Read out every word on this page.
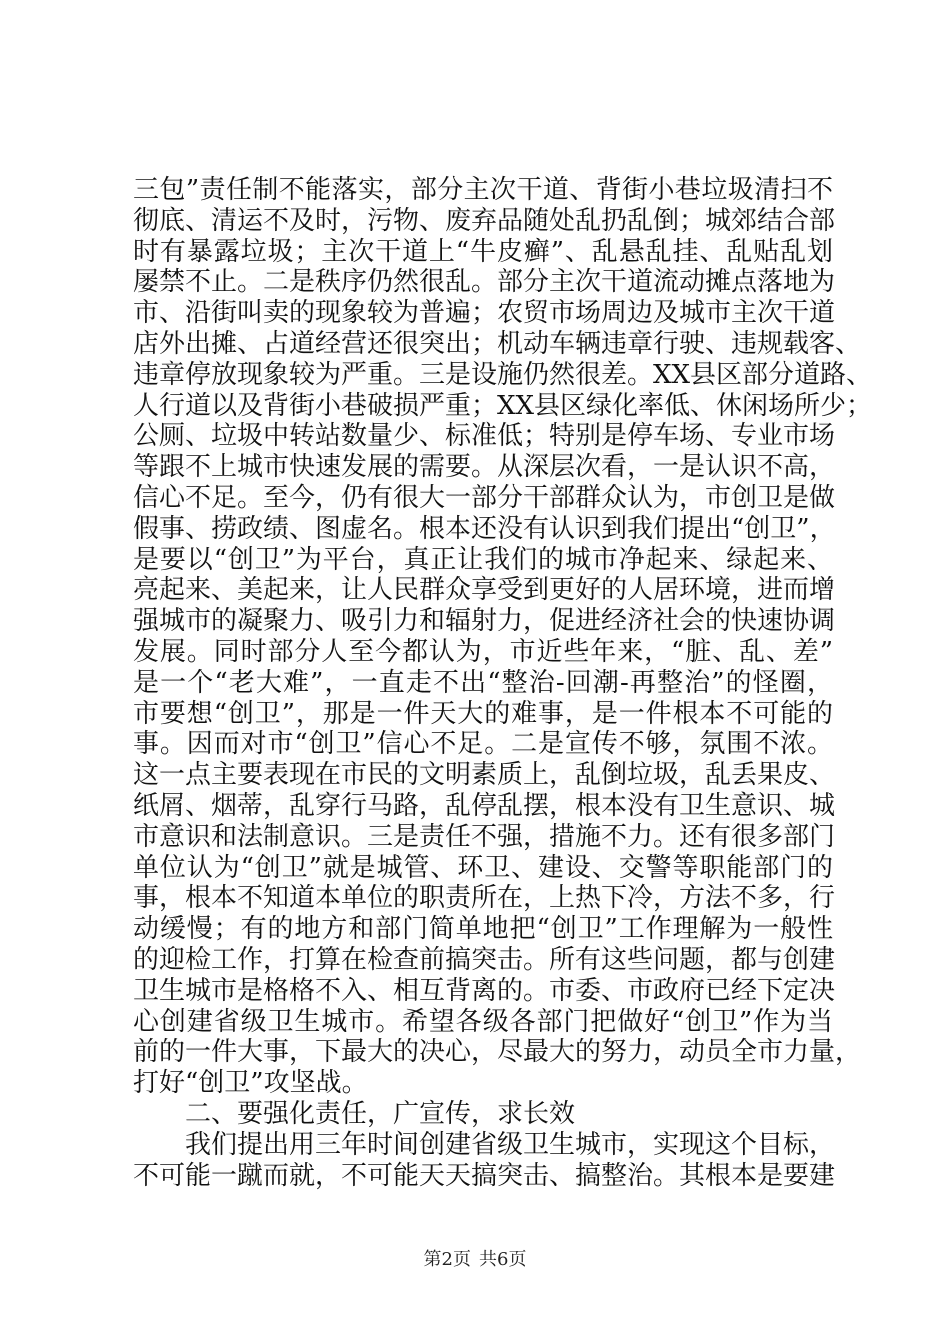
三包”责任制不能落实，部分主次干道、背街小巷垃圾清扫不
彻底、清运不及时，污物、废弃品随处乱扔乱倒；城郊结合部
时有暴露垃圾；主次干道上“牛皮癣”、乱悬乱挂、乱贴乱划
屡禁不止。二是秩序仍然很乱。部分主次干道流动摊点落地为
市、沿街叫卖的现象较为普遍；农贸市场周边及城市主次干道
店外出摊、占道经营还很突出；机动车辆违章行驶、违规载客、
违章停放现象较为严重。三是设施仍然很差。XX县区部分道路、
人行道以及背街小巷破损严重；XX县区绿化率低、休闲场所少；
公厕、垃圾中转站数量少、标准低；特别是停车场、专业市场
等跟不上城市快速发展的需要。从深层次看，一是认识不高，
信心不足。至今，仍有很大一部分干部群众认为，市创卫是做
假事、捞政绩、图虚名。根本还没有认识到我们提出“创卫”，
是要以“创卫”为平台，真正让我们的城市净起来、绿起来、
亮起来、美起来，让人民群众享受到更好的人居环境，进而增
强城市的凝聚力、吸引力和辐射力，促进经济社会的快速协调
发展。同时部分人至今都认为，市近些年来，“脏、乱、差”
是一个“老大难”，一直走不出“整治-回潮-再整治”的怪圈，
市要想“创卫”，那是一件天大的难事，是一件根本不可能的
事。因而对市“创卫”信心不足。二是宣传不够，氛围不浓。
这一点主要表现在市民的文明素质上，乱倒垃圾，乱丢果皮、
纸屑、烟蒂，乱穿行马路，乱停乱摆，根本没有卫生意识、城
市意识和法制意识。三是责任不强，措施不力。还有很多部门
单位认为“创卫”就是城管、环卫、建设、交警等职能部门的
事，根本不知道本单位的职责所在，上热下冷，方法不多，行
动缓慢；有的地方和部门简单地把“创卫”工作理解为一般性
的迎检工作，打算在检查前搞突击。所有这些问题，都与创建
卫生城市是格格不入、相互背离的。市委、市政府已经下定决
心创建省级卫生城市。希望各级各部门把做好“创卫”作为当
前的一件大事，下最大的决心，尽最大的努力，动员全市力量，
打好“创卫”攻坚战。
二、要强化责任，广宣传，求长效
我们提出用三年时间创建省级卫生城市，实现这个目标，
不可能一蹴而就，不可能天天搞突击、搞整治。其根本是要建
第2页 共6页
